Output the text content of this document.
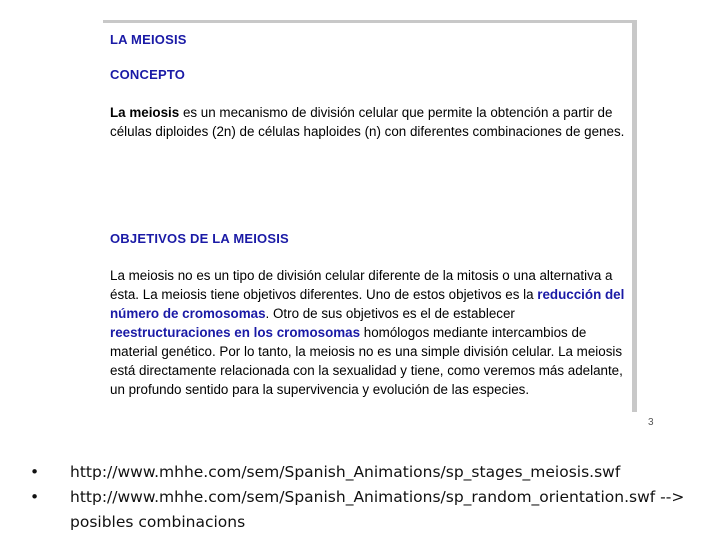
LA MEIOSIS
CONCEPTO
La meiosis es un mecanismo de división celular que permite la obtención a partir de células diploides (2n) de células haploides (n) con diferentes combinaciones de genes.
OBJETIVOS DE LA MEIOSIS
La meiosis no es un tipo de división celular diferente de la mitosis o una alternativa a ésta. La meiosis tiene objetivos diferentes. Uno de estos objetivos es la reducción del número de cromosomas. Otro de sus objetivos es el de establecer reestructuraciones en los cromosomas homólogos mediante intercambios de material genético. Por lo tanto, la meiosis no es una simple división celular. La meiosis está directamente relacionada con la sexualidad y tiene, como veremos más adelante, un profundo sentido para la supervivencia y evolución de las especies.
3
• http://www.mhhe.com/sem/Spanish_Animations/sp_stages_meiosis.swf
• http://www.mhhe.com/sem/Spanish_Animations/sp_random_orientation.swf --> posibles combinacions
